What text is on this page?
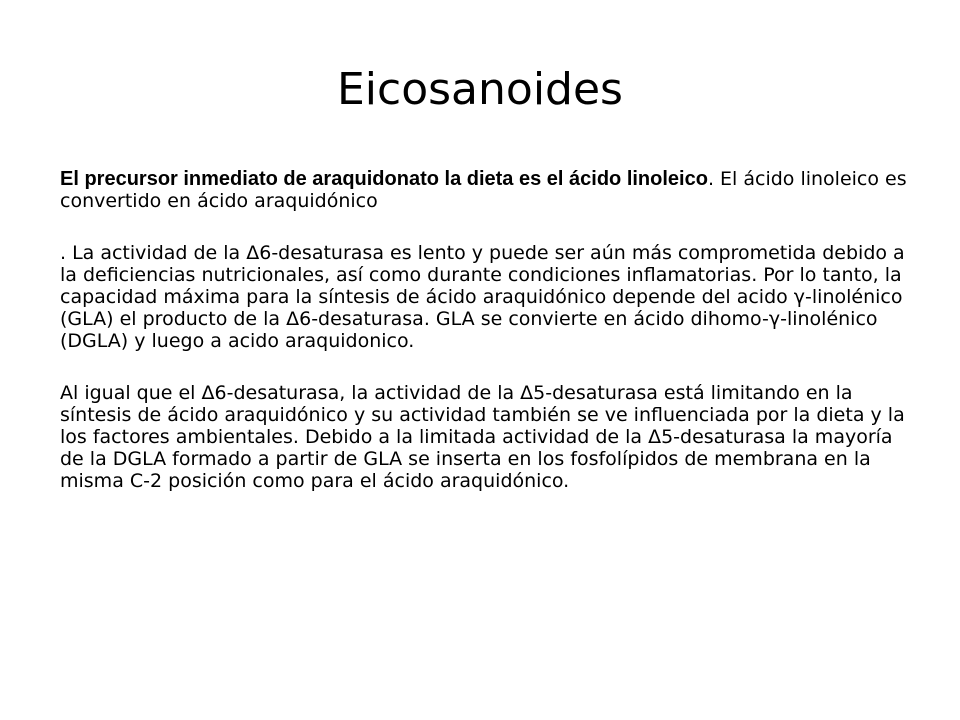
Eicosanoides

El precursor inmediato de araquidonato la dieta es el ácido linoleico. El ácido linoleico es convertido en ácido araquidónico

. La actividad de la Δ6-desaturasa es lento y puede ser aún más comprometida debido a la deficiencias nutricionales, así como durante condiciones inflamatorias. Por lo tanto, la capacidad máxima para la síntesis de ácido araquidónico depende del acido γ-linolénico (GLA) el producto de la Δ6-desaturasa. GLA se convierte en ácido dihomo-γ-linolénico (DGLA) y luego a acido araquidonico.

Al igual que el Δ6-desaturasa, la actividad de la Δ5-desaturasa está limitando en la síntesis de ácido araquidónico y su actividad también se ve influenciada por la dieta y la los factores ambientales. Debido a la limitada actividad de la Δ5-desaturasa la mayoría de la DGLA formado a partir de GLA se inserta en los fosfolípidos de membrana en la misma C-2 posición como para el ácido araquidónico.
